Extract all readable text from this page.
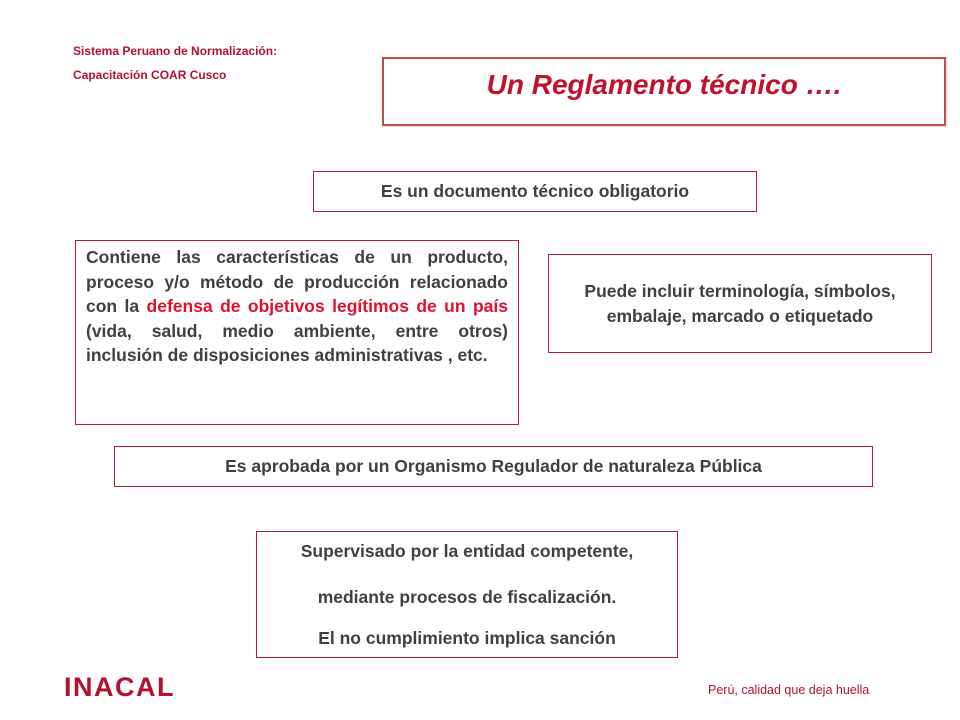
Sistema Peruano de Normalización:
Capacitación COAR Cusco	Un Reglamento técnico ….
Es un documento técnico obligatorio
Contiene las características de un producto, proceso y/o método de producción relacionado con la defensa de objetivos legítimos de un país (vida, salud, medio ambiente, entre otros) inclusión de disposiciones administrativas , etc.
Puede incluir terminología, símbolos, embalaje, marcado o etiquetado
Es aprobada por un Organismo Regulador de naturaleza Pública
Supervisado por la entidad competente,
mediante procesos de fiscalización.
El no cumplimiento implica sanción
INACAL	Perú, calidad que deja huella
